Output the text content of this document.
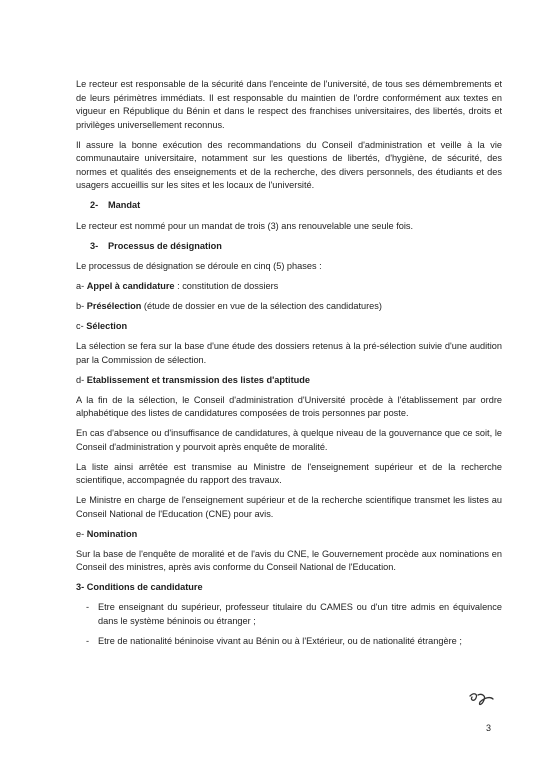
Le recteur est responsable de la sécurité dans l'enceinte de l'université, de tous ses démembrements et de leurs périmètres immédiats. Il est responsable du maintien de l'ordre conformément aux textes en vigueur en République du Bénin et dans le respect des franchises universitaires, des libertés, droits et privilèges universellement reconnus.

Il assure la bonne exécution des recommandations du Conseil d'administration et veille à la vie communautaire universitaire, notamment sur les questions de libertés, d'hygiène, de sécurité, des normes et qualités des enseignements et de la recherche, des divers personnels, des étudiants et des usagers accueillis sur les sites et les locaux de l'université.

2- Mandat

Le recteur est nommé pour un mandat de trois (3) ans renouvelable une seule fois.

3- Processus de désignation

Le processus de désignation se déroule en cinq (5) phases :

a- Appel à candidature : constitution de dossiers

b- Présélection (étude de dossier en vue de la sélection des candidatures)

c- Sélection

La sélection se fera sur la base d'une étude des dossiers retenus à la pré-sélection suivie d'une audition par la Commission de sélection.

d- Etablissement et transmission des listes d'aptitude

A la fin de la sélection, le Conseil d'administration d'Université procède à l'établissement par ordre alphabétique des listes de candidatures composées de trois personnes par poste.

En cas d'absence ou d'insuffisance de candidatures, à quelque niveau de la gouvernance que ce soit, le Conseil d'administration y pourvoit après enquête de moralité.

La liste ainsi arrêtée est transmise au Ministre de l'enseignement supérieur et de la recherche scientifique, accompagnée du rapport des travaux.

Le Ministre en charge de l'enseignement supérieur et de la recherche scientifique transmet les listes au Conseil National de l'Education (CNE) pour avis.

e- Nomination

Sur la base de l'enquête de moralité et de l'avis du CNE, le Gouvernement procède aux nominations en Conseil des ministres, après avis conforme du Conseil National de l'Education.

3- Conditions de candidature

- Etre enseignant du supérieur, professeur titulaire du CAMES ou d'un titre admis en équivalence dans le système béninois ou étranger ;
- Etre de nationalité béninoise vivant au Bénin ou à l'Extérieur, ou de nationalité étrangère ;
3
